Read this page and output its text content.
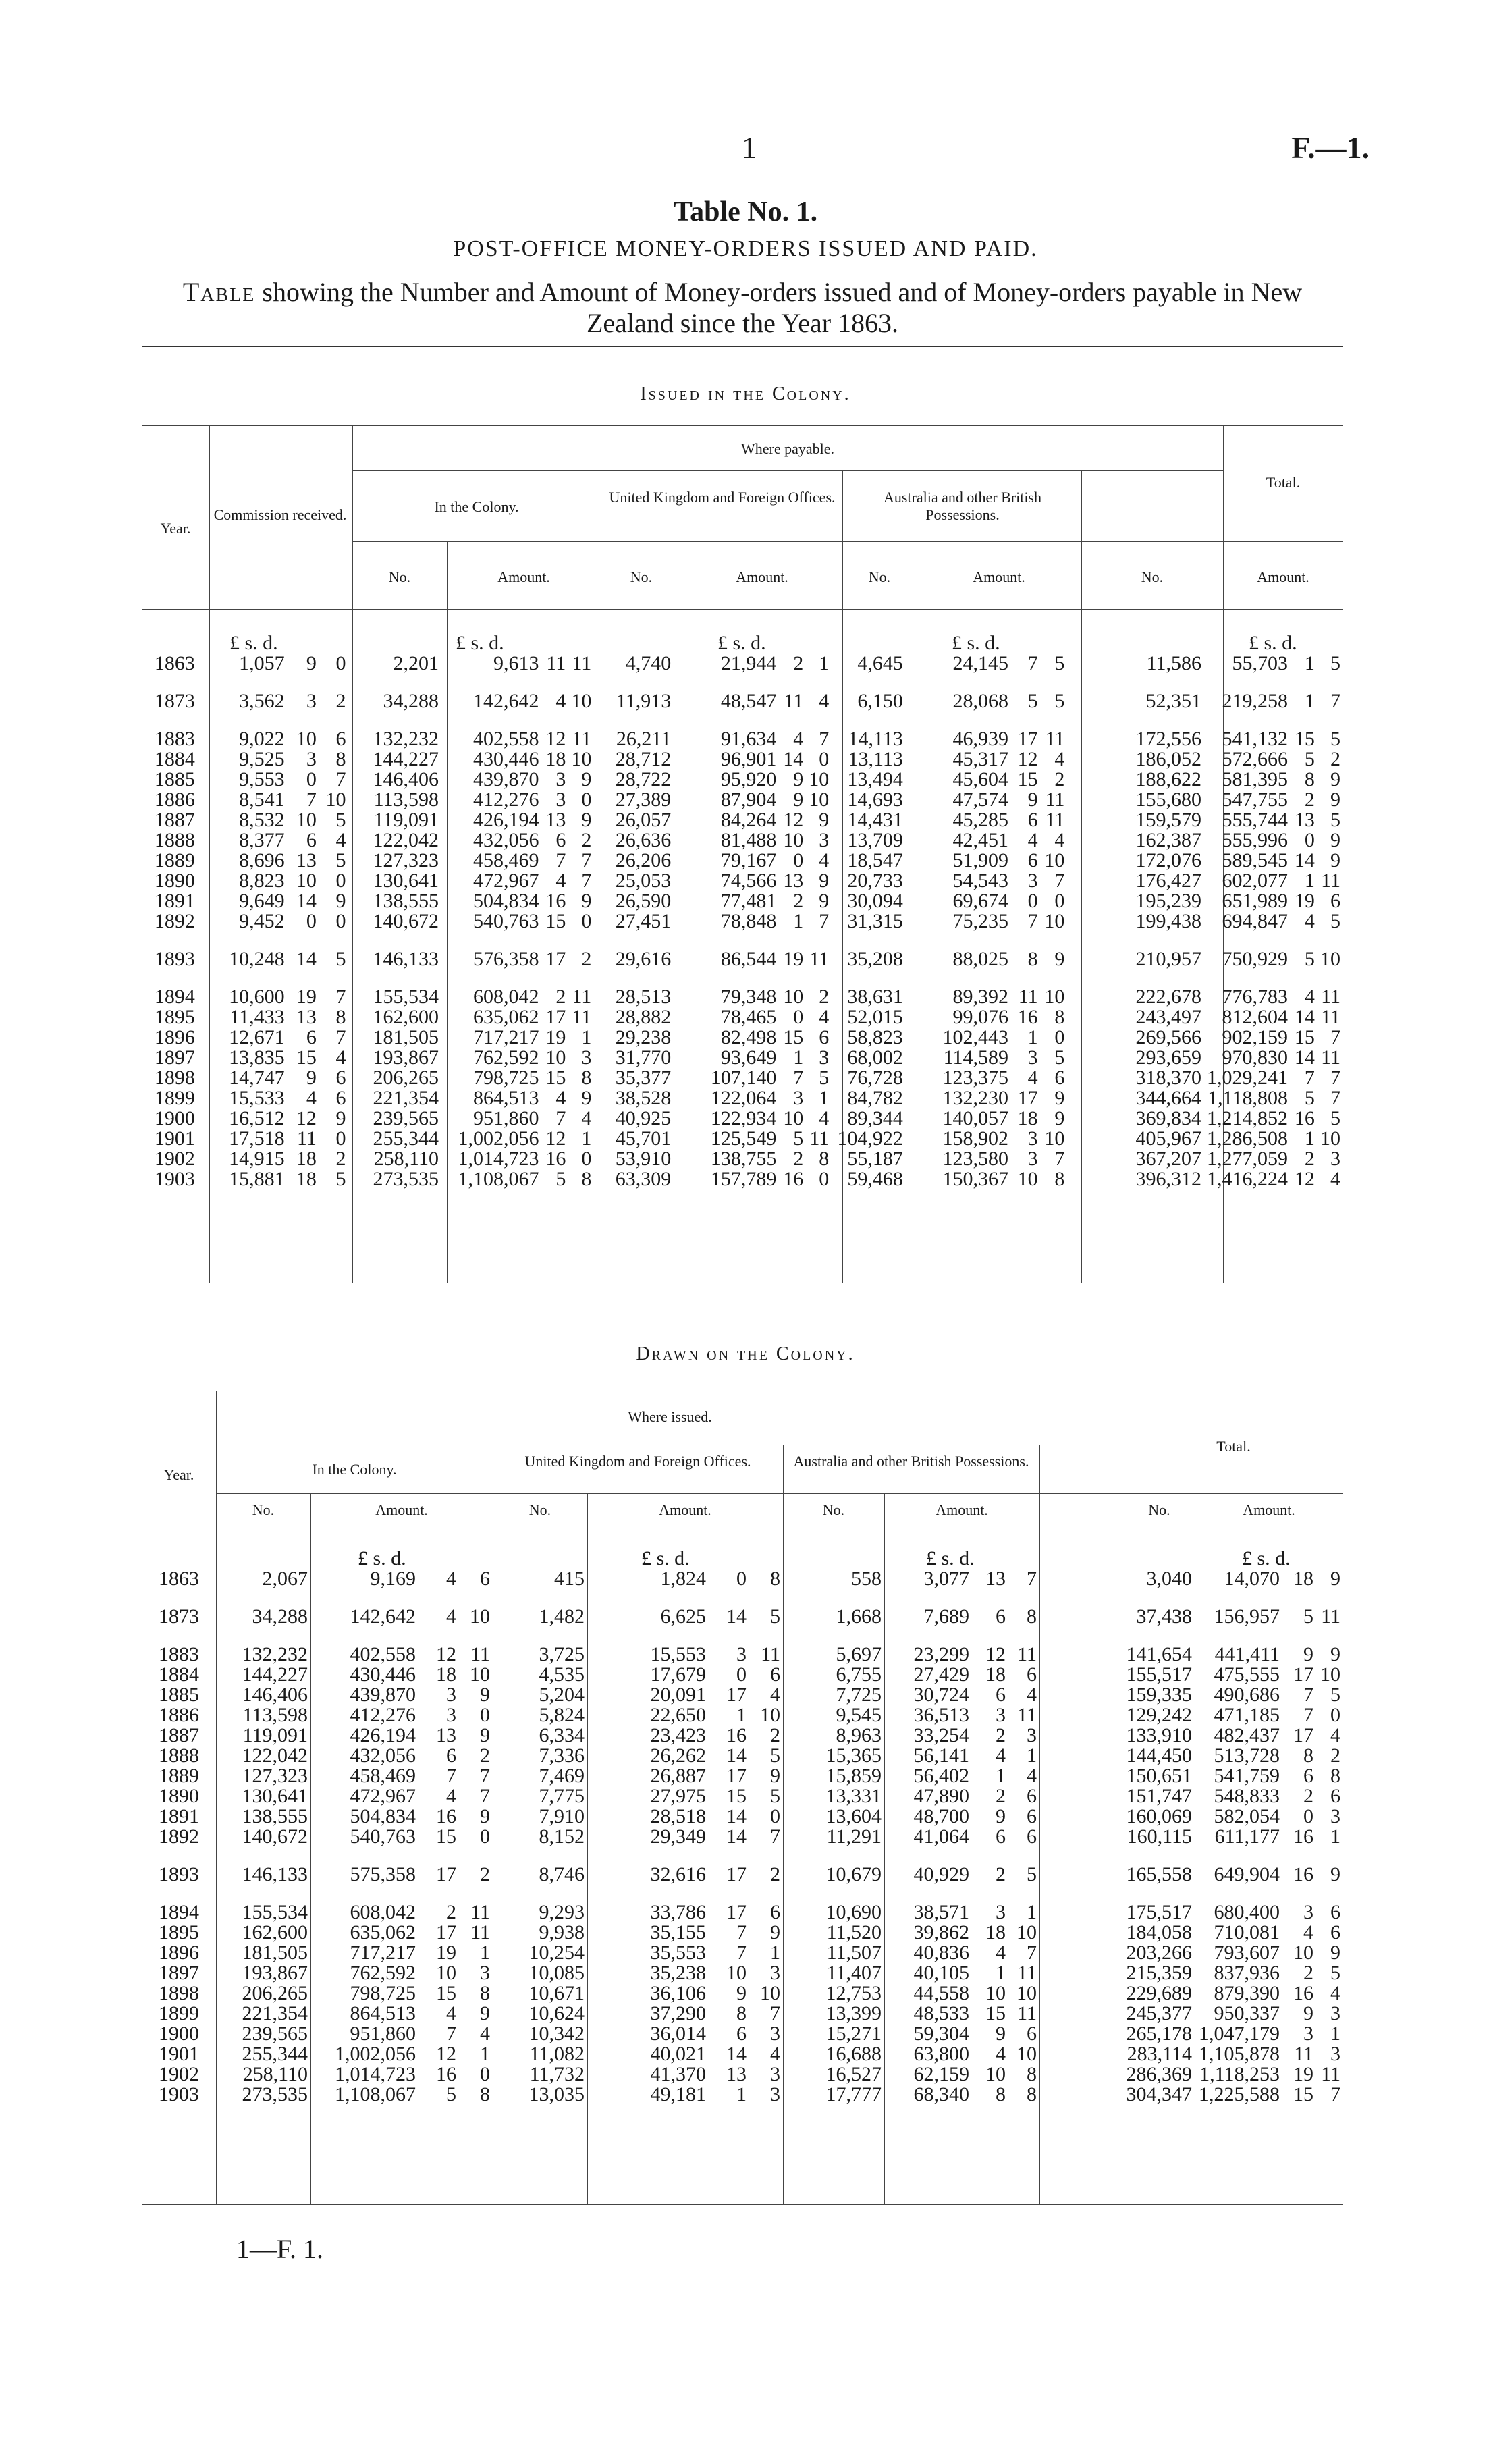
1	F.—1.
Table No. 1.
POST-OFFICE MONEY-ORDERS ISSUED AND PAID.
Table showing the Number and Amount of Money-orders issued and of Money-orders payable in New Zealand since the Year 1863.
Issued in the Colony.
Year.
Commission received.
Where payable.
In the Colony.
United Kingdom and Foreign Offices.	Australia and other British Possessions.
Total.
No.	Amount.	No.	Amount.	No.	Amount.	No.	Amount.
£ s. d.	£ s. d.	£ s. d.	£ s. d.	£ s. d.
1863	1,057	9	0	2,201	9,613	11	11	4,740	21,944	2	1	4,645	24,145	7	5	11,586	55,703	1	5
1873	3,562	3	2	34,288	142,642	4	10	11,913	48,547	11	4	6,150	28,068	5	5	52,351	219,258	1	7
1883	9,022	10	6	132,232	402,558	12	11	26,211	91,634	4	7	14,113	46,939	17	11	172,556	541,132	15	5
1884	9,525	3	8	144,227	430,446	18	10	28,712	96,901	14	0	13,113	45,317	12	4	186,052	572,666	5	2
1885	9,553	0	7	146,406	439,870	3	9	28,722	95,920	9	10	13,494	45,604	15	2	188,622	581,395	8	9
1886	8,541	7	10	113,598	412,276	3	0	27,389	87,904	9	10	14,693	47,574	9	11	155,680	547,755	2	9
1887	8,532	10	5	119,091	426,194	13	9	26,057	84,264	12	9	14,431	45,285	6	11	159,579	555,744	13	5
1888	8,377	6	4	122,042	432,056	6	2	26,636	81,488	10	3	13,709	42,451	4	4	162,387	555,996	0	9
1889	8,696	13	5	127,323	458,469	7	7	26,206	79,167	0	4	18,547	51,909	6	10	172,076	589,545	14	9
1890	8,823	10	0	130,641	472,967	4	7	25,053	74,566	13	9	20,733	54,543	3	7	176,427	602,077	1	11
1891	9,649	14	9	138,555	504,834	16	9	26,590	77,481	2	9	30,094	69,674	0	0	195,239	651,989	19	6
1892	9,452	0	0	140,672	540,763	15	0	27,451	78,848	1	7	31,315	75,235	7	10	199,438	694,847	4	5
1893	10,248	14	5	146,133	576,358	17	2	29,616	86,544	19	11	35,208	88,025	8	9	210,957	750,929	5	10
1894	10,600	19	7	155,534	608,042	2	11	28,513	79,348	10	2	38,631	89,392	11	10	222,678	776,783	4	11
1895	11,433	13	8	162,600	635,062	17	11	28,882	78,465	0	4	52,015	99,076	16	8	243,497	812,604	14	11
1896	12,671	6	7	181,505	717,217	19	1	29,238	82,498	15	6	58,823	102,443	1	0	269,566	902,159	15	7
1897	13,835	15	4	193,867	762,592	10	3	31,770	93,649	1	3	68,002	114,589	3	5	293,659	970,830	14	11
1898	14,747	9	6	206,265	798,725	15	8	35,377	107,140	7	5	76,728	123,375	4	6	318,370	1,029,241	7	7
1899	15,533	4	6	221,354	864,513	4	9	38,528	122,064	3	1	84,782	132,230	17	9	344,664	1,118,808	5	7
1900	16,512	12	9	239,565	951,860	7	4	40,925	122,934	10	4	89,344	140,057	18	9	369,834	1,214,852	16	5
1901	17,518	11	0	255,344	1,002,056	12	1	45,701	125,549	5	11	104,922	158,902	3	10	405,967	1,286,508	1	10
1902	14,915	18	2	258,110	1,014,723	16	0	53,910	138,755	2	8	55,187	123,580	3	7	367,207	1,277,059	2	3
1903	15,881	18	5	273,535	1,108,067	5	8	63,309	157,789	16	0	59,468	150,367	10	8	396,312	1,416,224	12	4
Drawn on the Colony.
Year.
Where issued.
In the Colony.	United Kingdom and Foreign Offices.	Australia and other British Possessions.
Total.
No.	Amount.	No.	Amount.	No.	Amount.	No.	Amount.
£ s. d.	£ s. d.	£ s. d.	£ s. d.
1863	2,067	9,169	4	6	415	1,824	0	8	558	3,077	13	7	3,040	14,070	18	9
1873	34,288	142,642	4	10	1,482	6,625	14	5	1,668	7,689	6	8	37,438	156,957	5	11
1883	132,232	402,558	12	11	3,725	15,553	3	11	5,697	23,299	12	11	141,654	441,411	9	9
1884	144,227	430,446	18	10	4,535	17,679	0	6	6,755	27,429	18	6	155,517	475,555	17	10
1885	146,406	439,870	3	9	5,204	20,091	17	4	7,725	30,724	6	4	159,335	490,686	7	5
1886	113,598	412,276	3	0	5,824	22,650	1	10	9,545	36,513	3	11	129,242	471,185	7	0
1887	119,091	426,194	13	9	6,334	23,423	16	2	8,963	33,254	2	3	133,910	482,437	17	4
1888	122,042	432,056	6	2	7,336	26,262	14	5	15,365	56,141	4	1	144,450	513,728	8	2
1889	127,323	458,469	7	7	7,469	26,887	17	9	15,859	56,402	1	4	150,651	541,759	6	8
1890	130,641	472,967	4	7	7,775	27,975	15	5	13,331	47,890	2	6	151,747	548,833	2	6
1891	138,555	504,834	16	9	7,910	28,518	14	0	13,604	48,700	9	6	160,069	582,054	0	3
1892	140,672	540,763	15	0	8,152	29,349	14	7	11,291	41,064	6	6	160,115	611,177	16	1
1893	146,133	575,358	17	2	8,746	32,616	17	2	10,679	40,929	2	5	165,558	649,904	16	9
1894	155,534	608,042	2	11	9,293	33,786	17	6	10,690	38,571	3	1	175,517	680,400	3	6
1895	162,600	635,062	17	11	9,938	35,155	7	9	11,520	39,862	18	10	184,058	710,081	4	6
1896	181,505	717,217	19	1	10,254	35,553	7	1	11,507	40,836	4	7	203,266	793,607	10	9
1897	193,867	762,592	10	3	10,085	35,238	10	3	11,407	40,105	1	11	215,359	837,936	2	5
1898	206,265	798,725	15	8	10,671	36,106	9	10	12,753	44,558	10	10	229,689	879,390	16	4
1899	221,354	864,513	4	9	10,624	37,290	8	7	13,399	48,533	15	11	245,377	950,337	9	3
1900	239,565	951,860	7	4	10,342	36,014	6	3	15,271	59,304	9	6	265,178	1,047,179	3	1
1901	255,344	1,002,056	12	1	11,082	40,021	14	4	16,688	63,800	4	10	283,114	1,105,878	11	3
1902	258,110	1,014,723	16	0	11,732	41,370	13	3	16,527	62,159	10	8	286,369	1,118,253	19	11
1903	273,535	1,108,067	5	8	13,035	49,181	1	3	17,777	68,340	8	8	304,347	1,225,588	15	7
1—F. 1.
